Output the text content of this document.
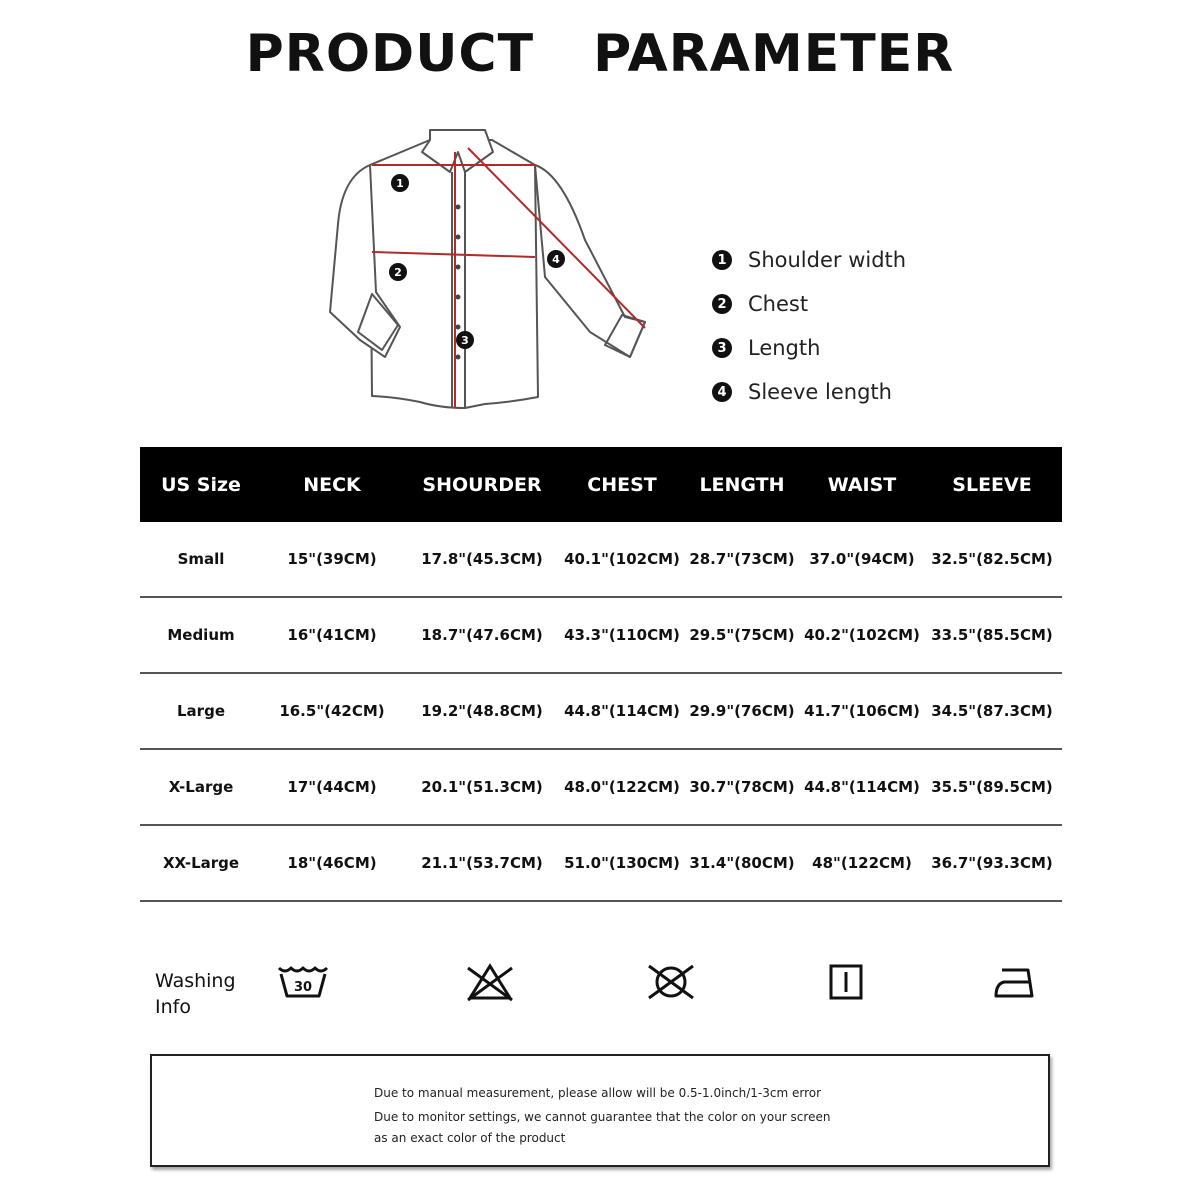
PRODUCT PARAMETER
1
2
3
4	1 Shoulder width
2 Chest
3 Length
4 Sleeve length
US Size	NECK	SHOURDER	CHEST	LENGTH	WAIST	SLEEVE
Small	15"(39CM)	17.8"(45.3CM)	40.1"(102CM)	28.7"(73CM)	37.0"(94CM)	32.5"(82.5CM)
Medium	16"(41CM)	18.7"(47.6CM)	43.3"(110CM)	29.5"(75CM)	40.2"(102CM)	33.5"(85.5CM)
Large	16.5"(42CM)	19.2"(48.8CM)	44.8"(114CM)	29.9"(76CM)	41.7"(106CM)	34.5"(87.3CM)
X-Large	17"(44CM)	20.1"(51.3CM)	48.0"(122CM)	30.7"(78CM)	44.8"(114CM)	35.5"(89.5CM)
XX-Large	18"(46CM)	21.1"(53.7CM)	51.0"(130CM)	31.4"(80CM)	48"(122CM)	36.7"(93.3CM)
Washing
Info
30

Due to manual measurement, please allow will be 0.5-1.0inch/1-3cm error

Due to monitor settings, we cannot guarantee that the color on your screen

as an exact color of the product
